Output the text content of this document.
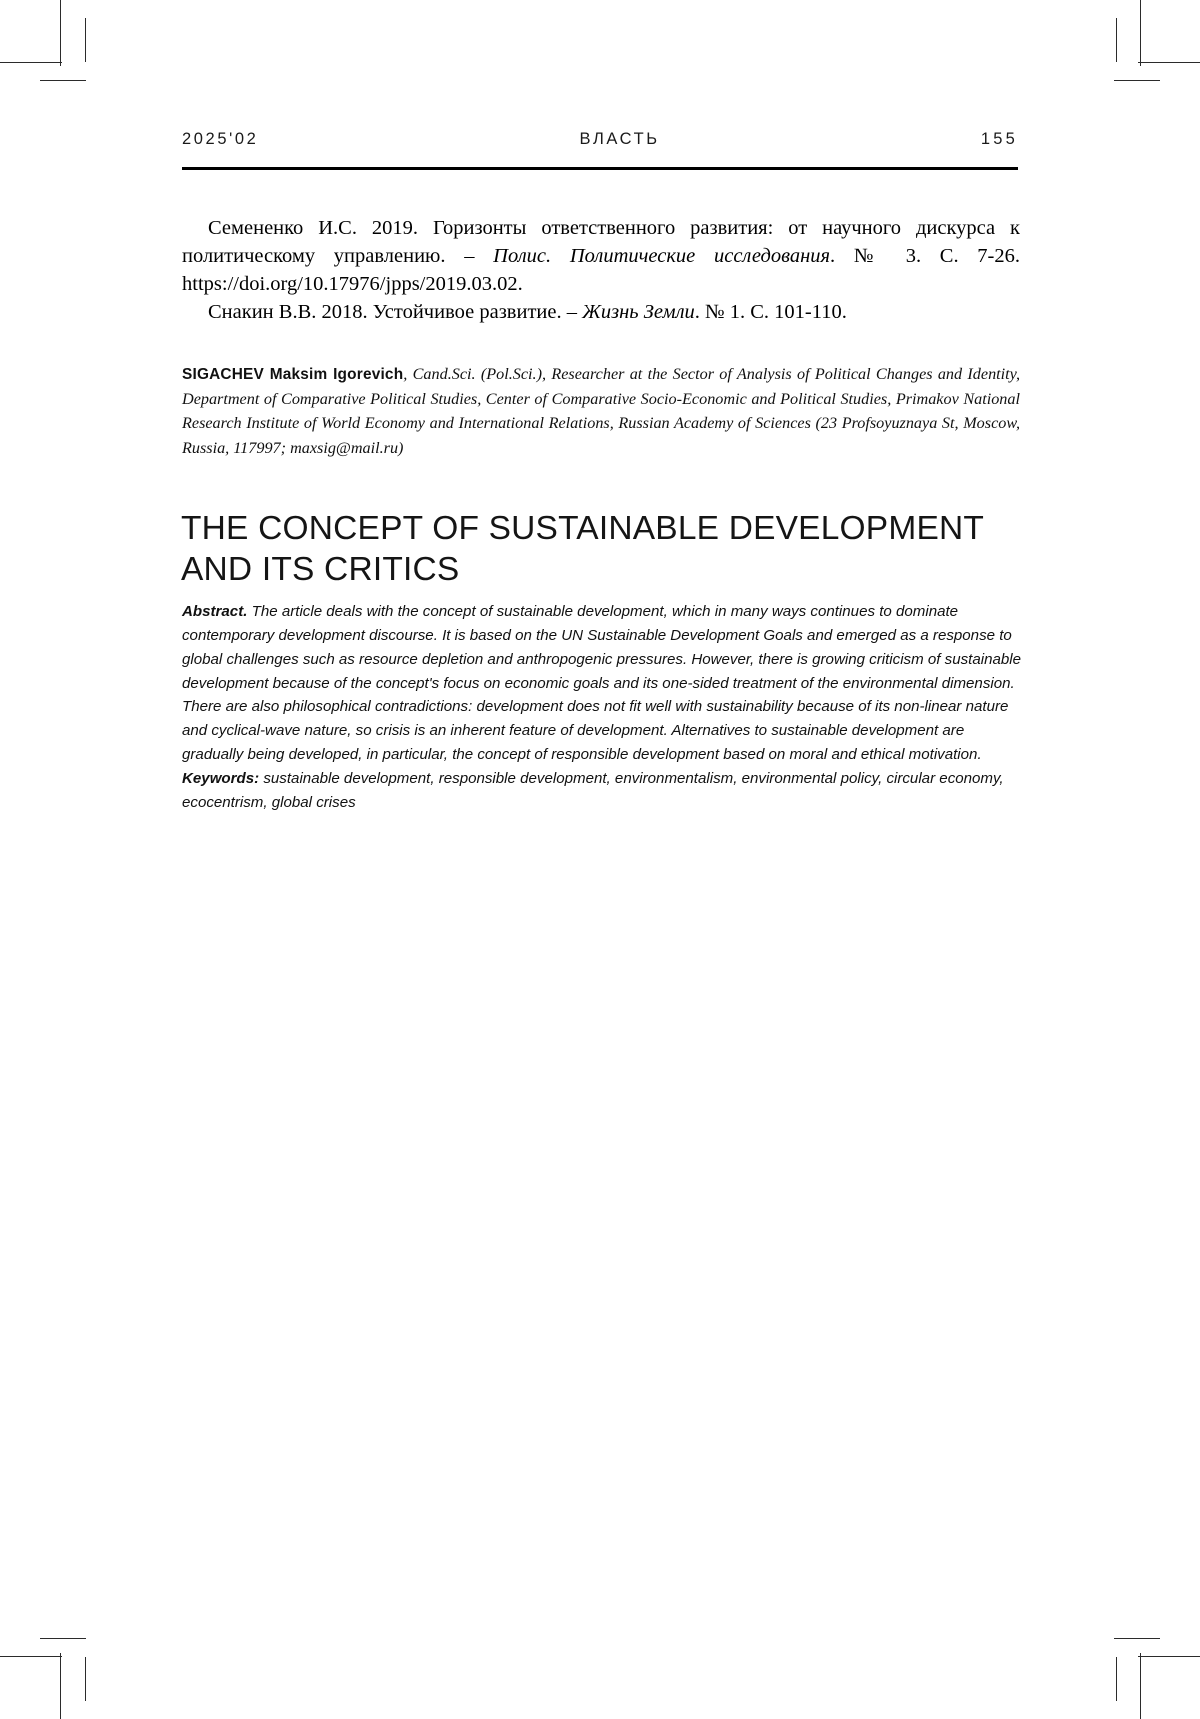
2025'02	ВЛАСТЬ	155

Семененко И.С. 2019. Горизонты ответственного развития: от научного дискурса к политическому управлению. – Полис. Политические исследования. № 3. С. 7-26. https://doi.org/10.17976/jpps/2019.03.02.

Снакин В.В. 2018. Устойчивое развитие. – Жизнь Земли. № 1. С. 101-110.

SIGACHEV Maksim Igorevich, Cand.Sci. (Pol.Sci.), Researcher at the Sector of Analysis of Political Changes and Identity, Department of Comparative Political Studies, Center of Comparative Socio-Economic and Political Studies, Primakov National Research Institute of World Economy and International Relations, Russian Academy of Sciences (23 Profsoyuznaya St, Moscow, Russia, 117997; maxsig@mail.ru)
THE CONCEPT OF SUSTAINABLE DEVELOPMENT
AND ITS CRITICS

Abstract. The article deals with the concept of sustainable development, which in many ways continues to dominate contemporary development discourse. It is based on the UN Sustainable Development Goals and emerged as a response to global challenges such as resource depletion and anthropogenic pressures. However, there is growing criticism of sustainable development because of the concept's focus on economic goals and its one-sided treatment of the environmental dimension. There are also philosophical contradictions: development does not fit well with sustainability because of its non-linear nature and cyclical-wave nature, so crisis is an inherent feature of development. Alternatives to sustainable development are gradually being developed, in particular, the concept of responsible development based on moral and ethical motivation.

Keywords: sustainable development, responsible development, environmentalism, environmental policy, circular economy, ecocentrism, global crises
